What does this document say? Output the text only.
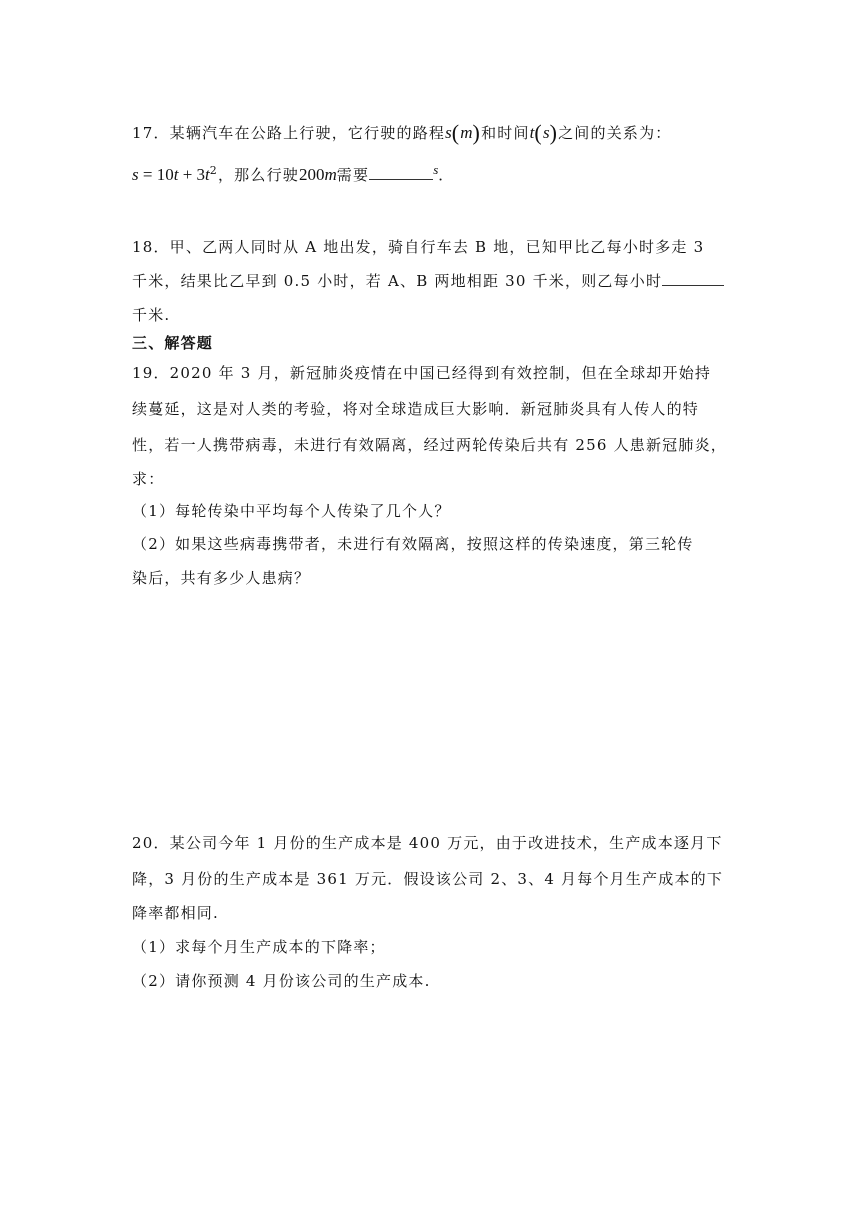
17．某辆汽车在公路上行驶，它行驶的路程s(m)和时间t(s)之间的关系为：
$s = 10t + 3t^2$，那么行驶200m需要	s．
18．甲、乙两人同时从 A 地出发，骑自行车去 B 地，已知甲比乙每小时多走 3
千米，结果比乙早到 0.5 小时，若 A、B 两地相距 30 千米，则乙每小时
千米.
三、解答题
19．2020 年 3 月，新冠肺炎疫情在中国已经得到有效控制，但在全球却开始持
续蔓延，这是对人类的考验，将对全球造成巨大影响．新冠肺炎具有人传人的特
性，若一人携带病毒，未进行有效隔离，经过两轮传染后共有 256 人患新冠肺炎，
求：
（1）每轮传染中平均每个人传染了几个人？
（2）如果这些病毒携带者，未进行有效隔离，按照这样的传染速度，第三轮传
染后，共有多少人患病？
20．某公司今年 1 月份的生产成本是 400 万元，由于改进技术，生产成本逐月下
降，3 月份的生产成本是 361 万元．假设该公司 2、3、4 月每个月生产成本的下
降率都相同.
（1）求每个月生产成本的下降率；
（2）请你预测 4 月份该公司的生产成本.
